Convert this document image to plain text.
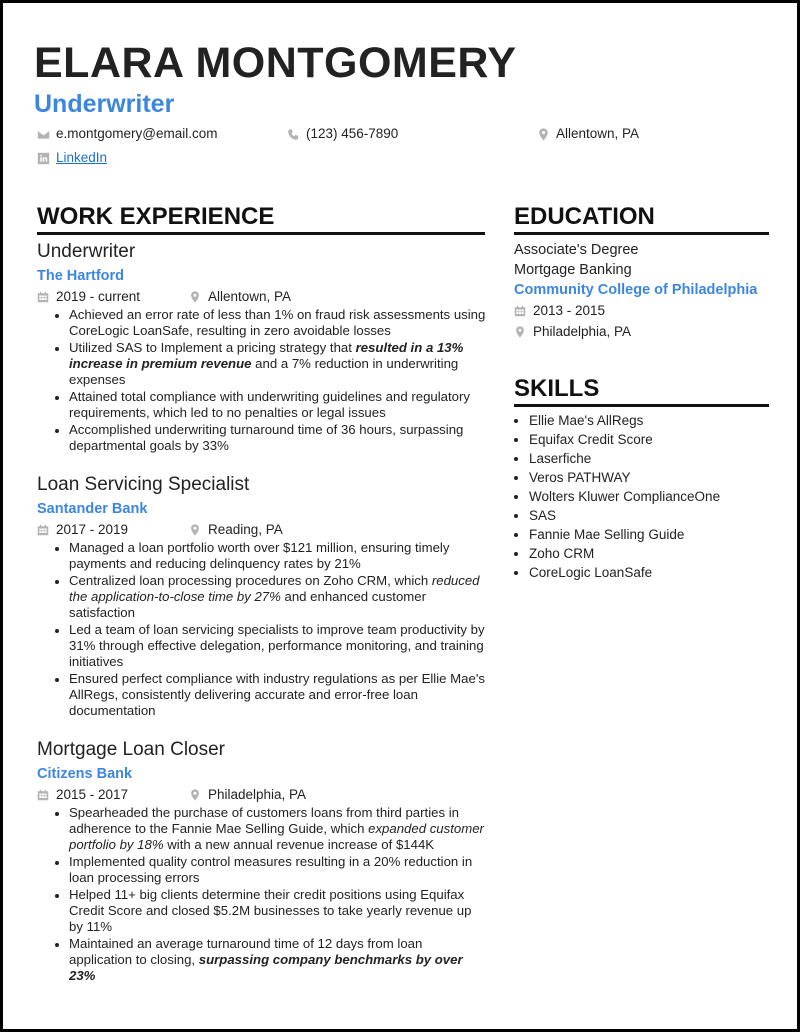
ELARA MONTGOMERY
Underwriter
e.montgomery@email.com	(123) 456-7890	Allentown, PA
LinkedIn
WORK EXPERIENCE	EDUCATION
SKILLS
Underwriter
The Hartford
2019 - current	Allentown, PA
• Achieved an error rate of less than 1% on fraud risk assessments using CoreLogic LoanSafe, resulting in zero avoidable losses
• Utilized SAS to Implement a pricing strategy that resulted in a 13% increase in premium revenue and a 7% reduction in underwriting expenses
• Attained total compliance with underwriting guidelines and regulatory requirements, which led to no penalties or legal issues
• Accomplished underwriting turnaround time of 36 hours, surpassing departmental goals by 33%
Loan Servicing Specialist
Santander Bank
2017 - 2019	Reading, PA
• Managed a loan portfolio worth over $121 million, ensuring timely payments and reducing delinquency rates by 21%
• Centralized loan processing procedures on Zoho CRM, which reduced the application-to-close time by 27% and enhanced customer satisfaction
• Led a team of loan servicing specialists to improve team productivity by 31% through effective delegation, performance monitoring, and training initiatives
• Ensured perfect compliance with industry regulations as per Ellie Mae's AllRegs, consistently delivering accurate and error-free loan documentation
Mortgage Loan Closer
Citizens Bank
2015 - 2017	Philadelphia, PA
• Spearheaded the purchase of customers loans from third parties in adherence to the Fannie Mae Selling Guide, which expanded customer portfolio by 18% with a new annual revenue increase of $144K
• Implemented quality control measures resulting in a 20% reduction in loan processing errors
• Helped 11+ big clients determine their credit positions using Equifax Credit Score and closed $5.2M businesses to take yearly revenue up by 11%
• Maintained an average turnaround time of 12 days from loan application to closing, surpassing company benchmarks by over 23%
Associate's Degree
Mortgage Banking
Community College of Philadelphia
2013 - 2015
Philadelphia, PA
• Ellie Mae's AllRegs
• Equifax Credit Score
• Laserfiche
• Veros PATHWAY
• Wolters Kluwer ComplianceOne
• SAS
• Fannie Mae Selling Guide
• Zoho CRM
• CoreLogic LoanSafe
